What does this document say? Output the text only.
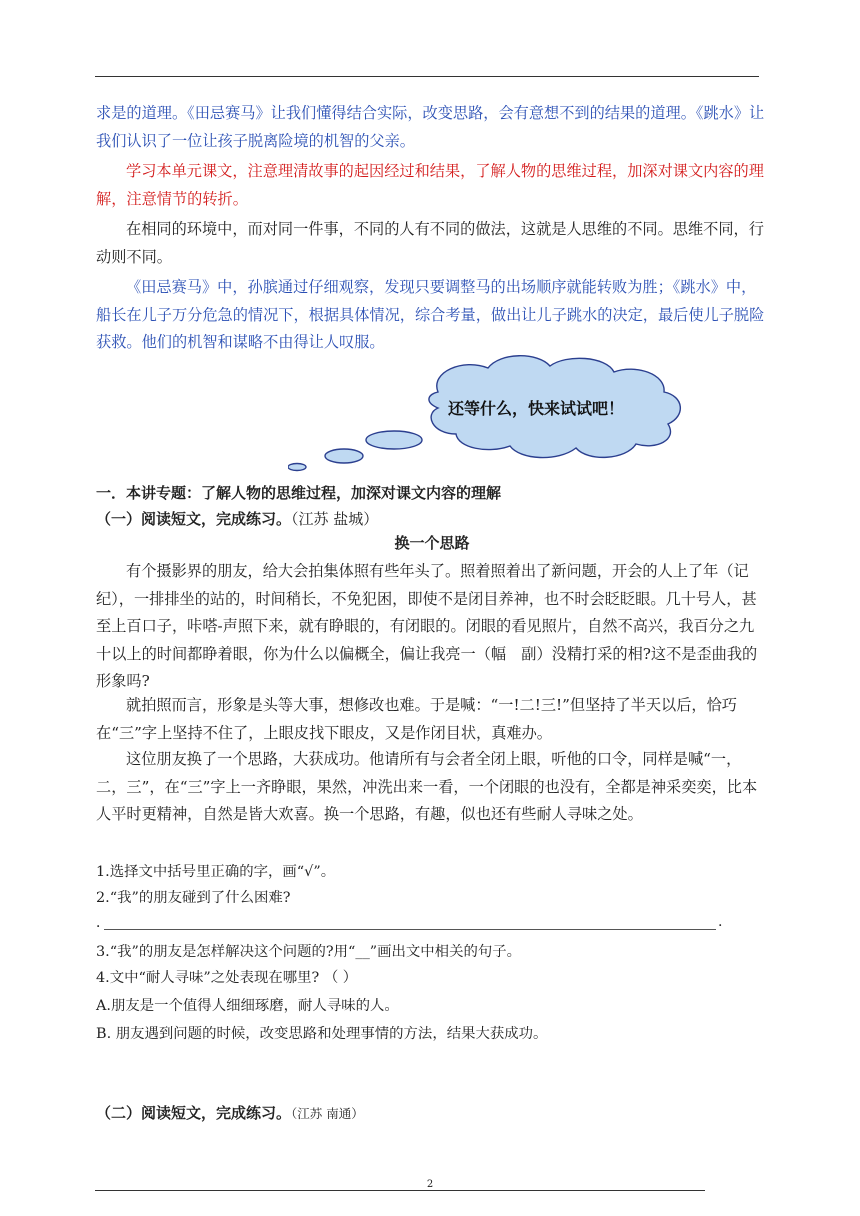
求是的道理。《田忌赛马》让我们懂得结合实际，改变思路，会有意想不到的结果的道理。《跳水》让我们认识了一位让孩子脱离险境的机智的父亲。

学习本单元课文，注意理清故事的起因经过和结果，了解人物的思维过程，加深对课文内容的理解，注意情节的转折。

在相同的环境中，而对同一件事，不同的人有不同的做法，这就是人思维的不同。思维不同，行动则不同。

《田忌赛马》中，孙膑通过仔细观察，发现只要调整马的出场顺序就能转败为胜；《跳水》中，船长在儿子万分危急的情况下，根据具体情况，综合考量，做出让儿子跳水的决定，最后使儿子脱险获救。他们的机智和谋略不由得让人叹服。

还等什么，快来试试吧！
一．本讲专题：了解人物的思维过程，加深对课文内容的理解
（一）阅读短文，完成练习。（江苏 盐城）
换一个思路

有个摄影界的朋友，给大会拍集体照有些年头了。照着照着出了新问题，开会的人上了年（记　纪），一排排坐的站的，时间稍长，不免犯困，即使不是闭目养神，也不时会眨眨眼。几十号人，甚至上百口子，咔嗒-声照下来，就有睁眼的，有闭眼的。闭眼的看见照片，自然不高兴，我百分之九十以上的时间都睁着眼，你为什么以偏概全，偏让我亮一（幅　副）没精打采的相?这不是歪曲我的形象吗?

就拍照而言，形象是头等大事，想修改也难。于是喊：“一!二!三!”但坚持了半天以后，恰巧在“三”字上坚持不住了，上眼皮找下眼皮，又是作闭目状，真难办。

这位朋友换了一个思路，大获成功。他请所有与会者全闭上眼，听他的口令，同样是喊“一，二，三”，在“三”字上一齐睁眼，果然，冲洗出来一看，一个闭眼的也没有，全都是神采奕奕，比本人平时更精神，自然是皆大欢喜。换一个思路，有趣，似也还有些耐人寻味之处。

1.选择文中括号里正确的字，画“√”。
2.“我”的朋友碰到了什么困难?
．	.
3.“我”的朋友是怎样解决这个问题的?用“__”画出文中相关的句子。
4.文中“耐人寻味”之处表现在哪里? （ ）
A.朋友是一个值得人细细琢磨，耐人寻味的人。
B. 朋友遇到问题的时候，改变思路和处理事情的方法，结果大获成功。
（二）阅读短文，完成练习。（江苏 南通）
2
